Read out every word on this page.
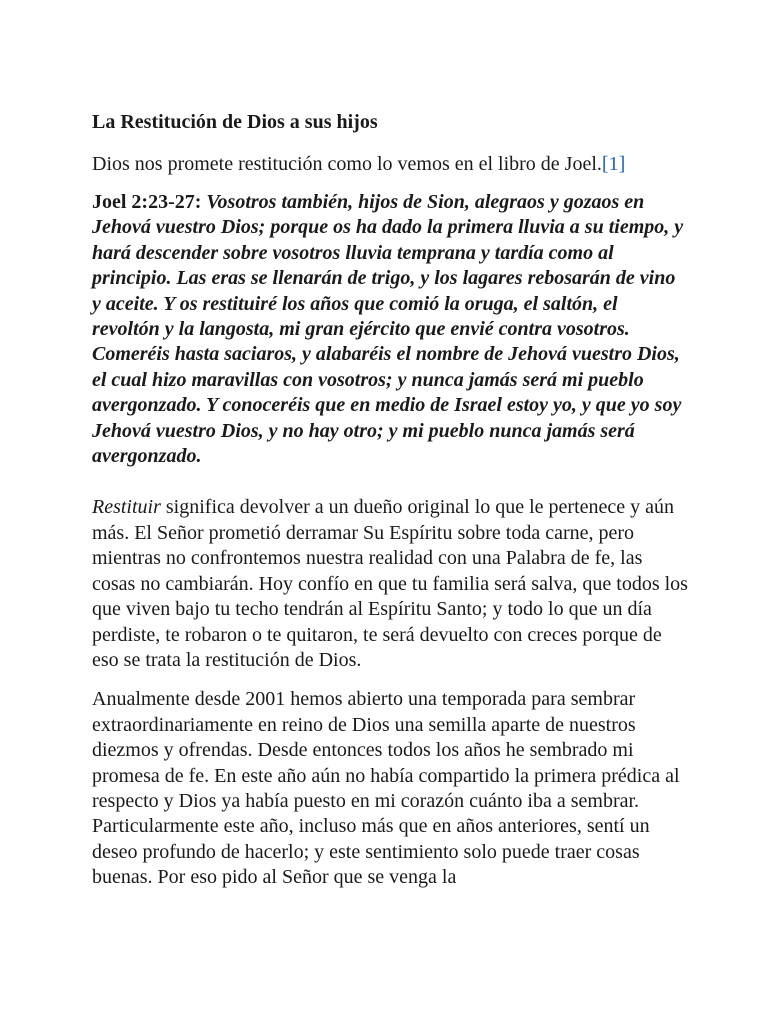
La Restitución de Dios a sus hijos

Dios nos promete restitución como lo vemos en el libro de Joel.[1]

Joel 2:23-27: Vosotros también, hijos de Sion, alegraos y gozaos en Jehová vuestro Dios; porque os ha dado la primera lluvia a su tiempo, y hará descender sobre vosotros lluvia temprana y tardía como al principio. Las eras se llenarán de trigo, y los lagares rebosarán de vino y aceite. Y os restituiré los años que comió la oruga, el saltón, el revoltón y la langosta, mi gran ejército que envié contra vosotros. Comeréis hasta saciaros, y alabaréis el nombre de Jehová vuestro Dios, el cual hizo maravillas con vosotros; y nunca jamás será mi pueblo avergonzado. Y conoceréis que en medio de Israel estoy yo, y que yo soy Jehová vuestro Dios, y no hay otro; y mi pueblo nunca jamás será avergonzado.

Restituir significa devolver a un dueño original lo que le pertenece y aún más. El Señor prometió derramar Su Espíritu sobre toda carne, pero mientras no confrontemos nuestra realidad con una Palabra de fe, las cosas no cambiarán. Hoy confío en que tu familia será salva, que todos los que viven bajo tu techo tendrán al Espíritu Santo; y todo lo que un día perdiste, te robaron o te quitaron, te será devuelto con creces porque de eso se trata la restitución de Dios.

Anualmente desde 2001 hemos abierto una temporada para sembrar extraordinariamente en reino de Dios una semilla aparte de nuestros diezmos y ofrendas. Desde entonces todos los años he sembrado mi promesa de fe. En este año aún no había compartido la primera prédica al respecto y Dios ya había puesto en mi corazón cuánto iba a sembrar. Particularmente este año, incluso más que en años anteriores, sentí un deseo profundo de hacerlo; y este sentimiento solo puede traer cosas buenas. Por eso pido al Señor que se venga la
